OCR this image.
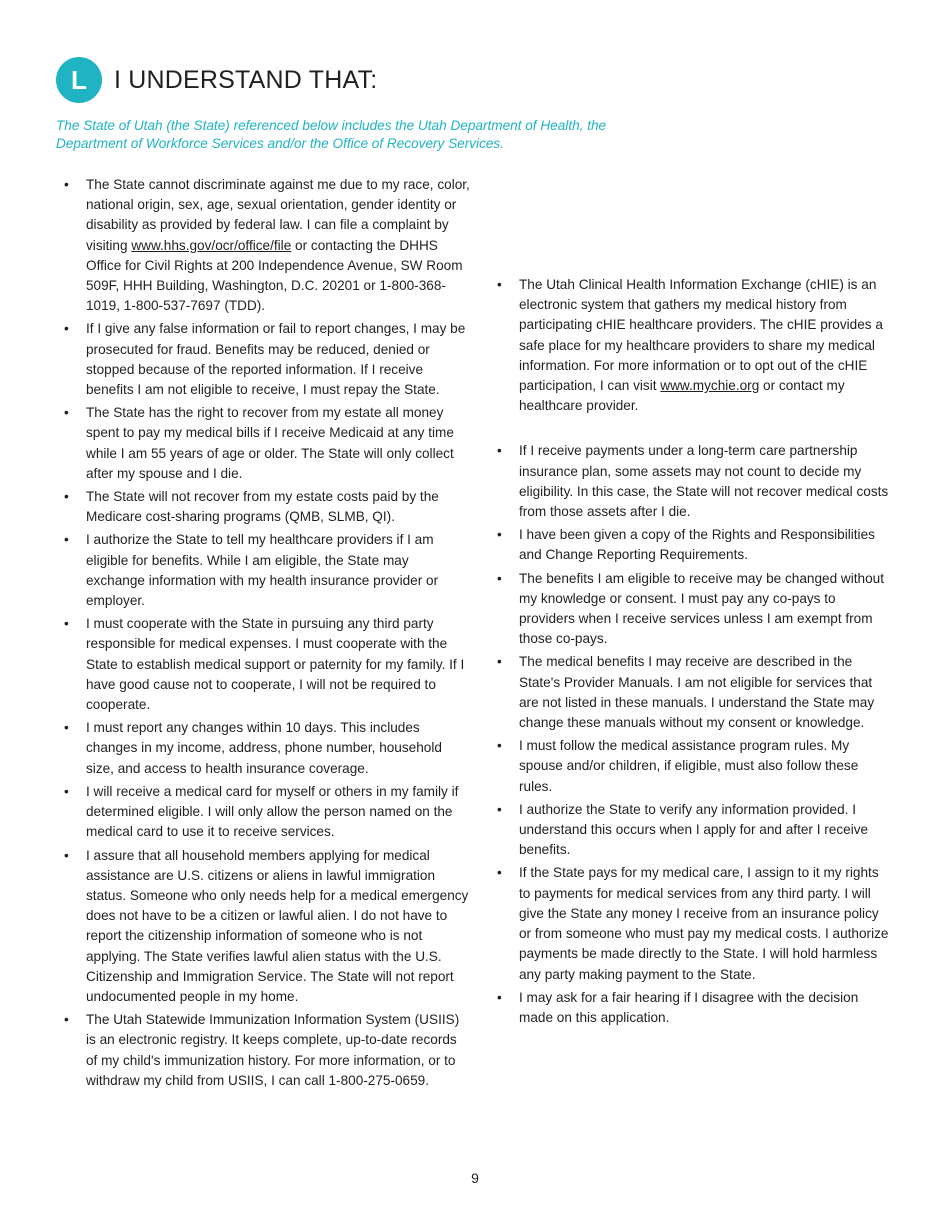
L	I UNDERSTAND THAT:
The State of Utah (the State) referenced below includes the Utah Department of Health, the Department of Workforce Services and/or the Office of Recovery Services.
• The State cannot discriminate against me due to my race, color, national origin, sex, age, sexual orientation, gender identity or disability as provided by federal law. I can file a complaint by visiting www.hhs.gov/ocr/office/file or contacting the DHHS Office for Civil Rights at 200 Independence Avenue, SW Room 509F, HHH Building, Washington, D.C. 20201 or 1-800-368-1019, 1-800-537-7697 (TDD).
• If I give any false information or fail to report changes, I may be prosecuted for fraud. Benefits may be reduced, denied or stopped because of the reported information. If I receive benefits I am not eligible to receive, I must repay the State.
• The State has the right to recover from my estate all money spent to pay my medical bills if I receive Medicaid at any time while I am 55 years of age or older. The State will only collect after my spouse and I die.
• The State will not recover from my estate costs paid by the Medicare cost-sharing programs (QMB, SLMB, QI).
• I authorize the State to tell my healthcare providers if I am eligible for benefits. While I am eligible, the State may exchange information with my health insurance provider or employer.
• I must cooperate with the State in pursuing any third party responsible for medical expenses. I must cooperate with the State to establish medical support or paternity for my family. If I have good cause not to cooperate, I will not be required to cooperate.
• I must report any changes within 10 days. This includes changes in my income, address, phone number, household size, and access to health insurance coverage.
• I will receive a medical card for myself or others in my family if determined eligible. I will only allow the person named on the medical card to use it to receive services.
• I assure that all household members applying for medical assistance are U.S. citizens or aliens in lawful immigration status. Someone who only needs help for a medical emergency does not have to be a citizen or lawful alien. I do not have to report the citizenship information of someone who is not applying. The State verifies lawful alien status with the U.S. Citizenship and Immigration Service. The State will not report undocumented people in my home.
• The Utah Statewide Immunization Information System (USIIS) is an electronic registry. It keeps complete, up-to-date records of my child's immunization history. For more information, or to withdraw my child from USIIS, I can call 1-800-275-0659.
• The Utah Clinical Health Information Exchange (cHIE) is an electronic system that gathers my medical history from participating cHIE healthcare providers. The cHIE provides a safe place for my healthcare providers to share my medical information. For more information or to opt out of the cHIE participation, I can visit www.mychie.org or contact my healthcare provider.
• If I receive payments under a long-term care partnership insurance plan, some assets may not count to decide my eligibility. In this case, the State will not recover medical costs from those assets after I die.
• I have been given a copy of the Rights and Responsibilities and Change Reporting Requirements.
• The benefits I am eligible to receive may be changed without my knowledge or consent. I must pay any co-pays to providers when I receive services unless I am exempt from those co-pays.
• The medical benefits I may receive are described in the State's Provider Manuals. I am not eligible for services that are not listed in these manuals. I understand the State may change these manuals without my consent or knowledge.
• I must follow the medical assistance program rules. My spouse and/or children, if eligible, must also follow these rules.
• I authorize the State to verify any information provided. I understand this occurs when I apply for and after I receive benefits.
• If the State pays for my medical care, I assign to it my rights to payments for medical services from any third party. I will give the State any money I receive from an insurance policy or from someone who must pay my medical costs. I authorize payments be made directly to the State. I will hold harmless any party making payment to the State.
• I may ask for a fair hearing if I disagree with the decision made on this application.
9
